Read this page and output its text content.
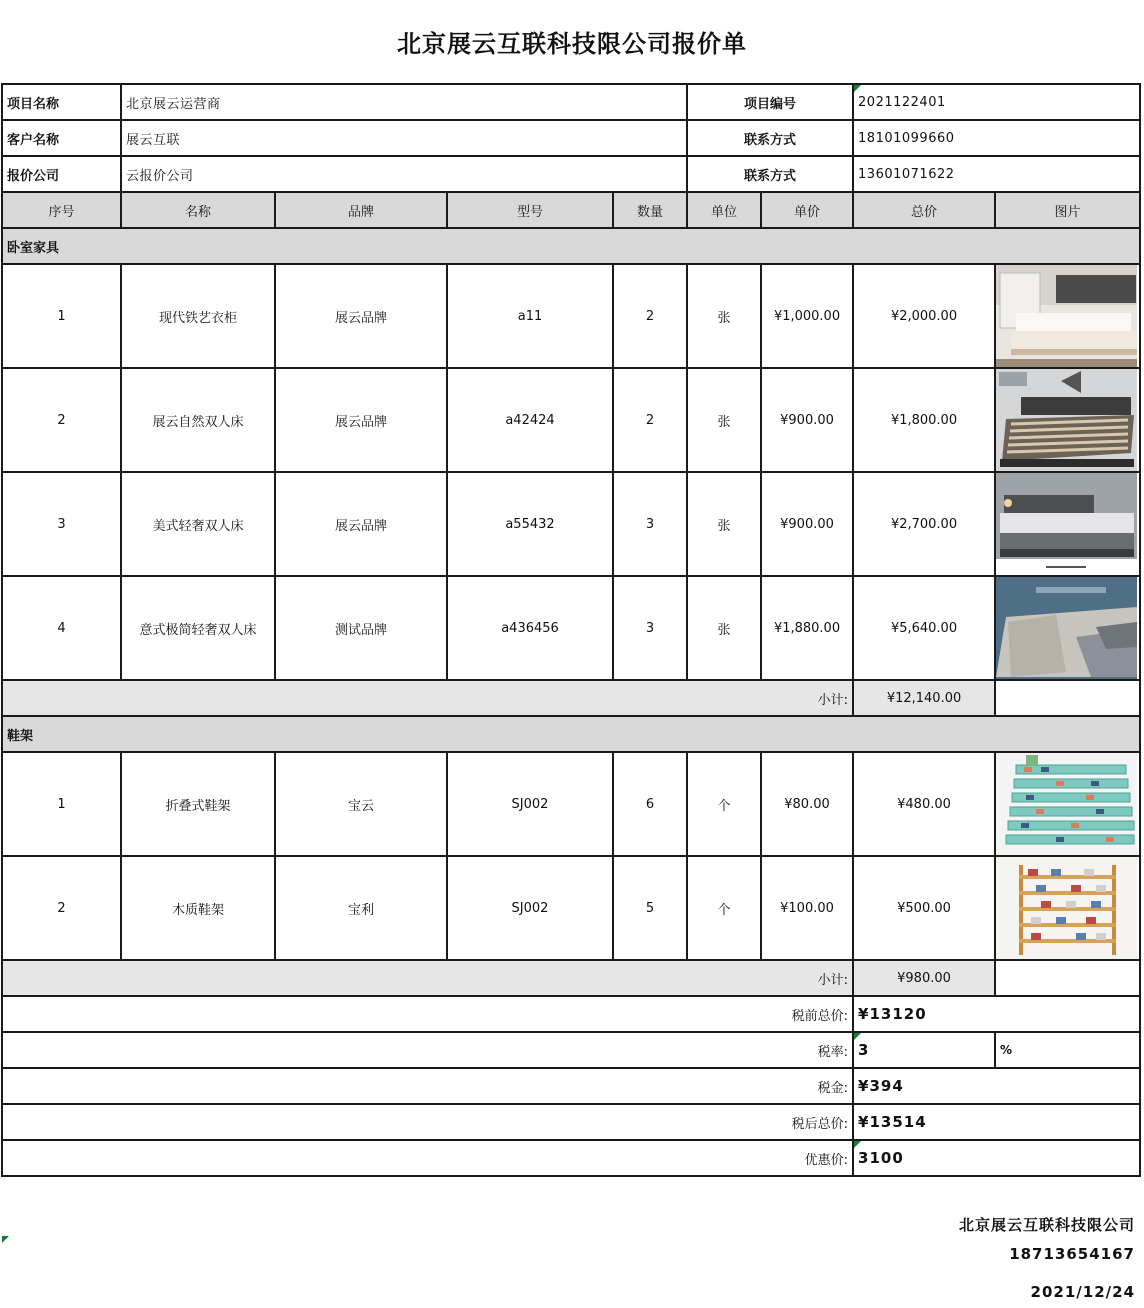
北京展云互联科技限公司报价单
项目名称	北京展云运营商				项目编号		2021122401	
客户名称	展云互联				联系方式		18101099660	
报价公司	云报价公司				联系方式		13601071622	
序号	名称	品牌	型号	数量	单位	单价	总价	图片
卧室家具								
1	现代铁艺衣柜	展云品牌	a11	2	张	¥1,000.00	¥2,000.00	

2	展云自然双人床	展云品牌	a42424	2	张	¥900.00	¥1,800.00	

3	美式轻奢双人床	展云品牌	a55432	3	张	¥900.00	¥2,700.00	

4	意式极简轻奢双人床	测试品牌	a436456	3	张	¥1,880.00	¥5,640.00	

小计:							¥12,140.00	
鞋架								
1	折叠式鞋架	宝云	SJ002	6	个	¥80.00	¥480.00	

2	木质鞋架	宝利	SJ002	5	个	¥100.00	¥500.00	

小计:							¥980.00	
税前总价:							¥13120	
税率:							3	%
税金:							¥394	
税后总价:							¥13514	
优惠价:							3100	
北京展云互联科技限公司
18713654167
2021/12/24
